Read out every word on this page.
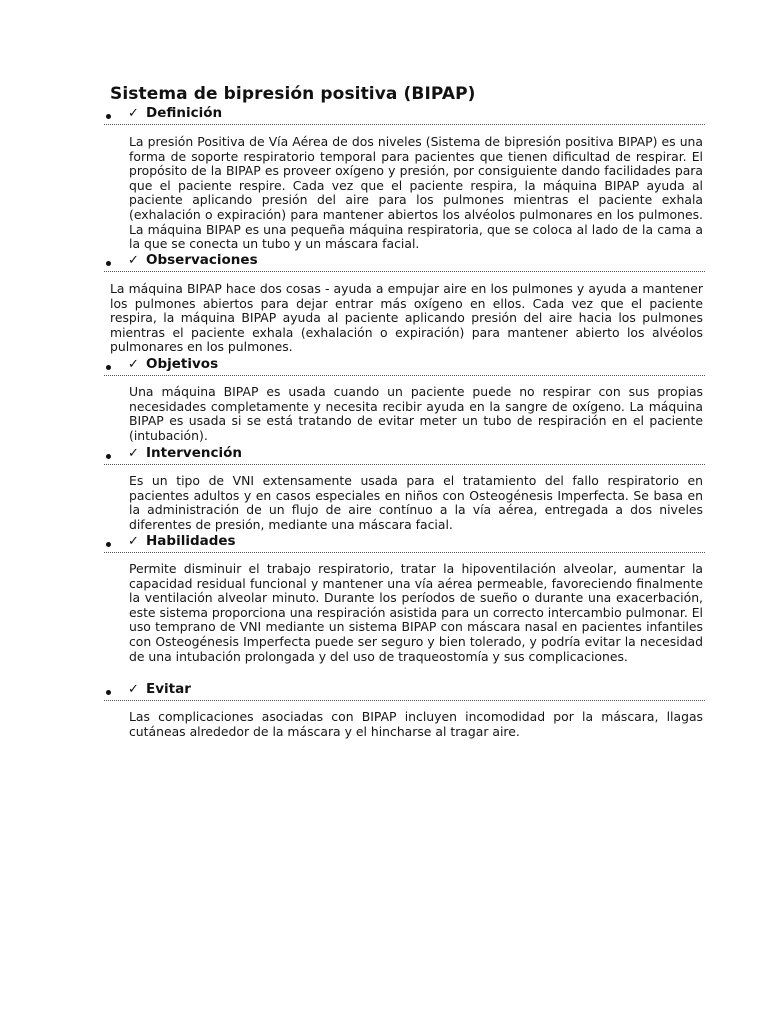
Sistema de bipresión positiva (BIPAP)
✓ Definición

La presión Positiva de Vía Aérea de dos niveles (Sistema de bipresión positiva BIPAP) es una forma de soporte respiratorio temporal para pacientes que tienen dificultad de respirar. El propósito de la BIPAP es proveer oxígeno y presión, por consiguiente dando facilidades para que el paciente respire. Cada vez que el paciente respira, la máquina BIPAP ayuda al paciente aplicando presión del aire para los pulmones mientras el paciente exhala (exhalación o expiración) para mantener abiertos los alvéolos pulmonares en los pulmones. La máquina BIPAP es una pequeña máquina respiratoria, que se coloca al lado de la cama a la que se conecta un tubo y un máscara facial.

✓ Observaciones

La máquina BIPAP hace dos cosas - ayuda a empujar aire en los pulmones y ayuda a mantener los pulmones abiertos para dejar entrar más oxígeno en ellos. Cada vez que el paciente respira, la máquina BIPAP ayuda al paciente aplicando presión del aire hacia los pulmones mientras el paciente exhala (exhalación o expiración) para mantener abierto los alvéolos pulmonares en los pulmones.

✓ Objetivos

Una máquina BIPAP es usada cuando un paciente puede no respirar con sus propias necesidades completamente y necesita recibir ayuda en la sangre de oxígeno. La máquina BIPAP es usada si se está tratando de evitar meter un tubo de respiración en el paciente (intubación).

✓ Intervención

Es un tipo de VNI extensamente usada para el tratamiento del fallo respiratorio en pacientes adultos y en casos especiales en niños con Osteogénesis Imperfecta. Se basa en la administración de un flujo de aire contínuo a la vía aérea, entregada a dos niveles diferentes de presión, mediante una máscara facial.

✓ Habilidades

Permite disminuir el trabajo respiratorio, tratar la hipoventilación alveolar, aumentar la capacidad residual funcional y mantener una vía aérea permeable, favoreciendo finalmente la ventilación alveolar minuto. Durante los períodos de sueño o durante una exacerbación, este sistema proporciona una respiración asistida para un correcto intercambio pulmonar. El uso temprano de VNI mediante un sistema BIPAP con máscara nasal en pacientes infantiles con Osteogénesis Imperfecta puede ser seguro y bien tolerado, y podría evitar la necesidad de una intubación prolongada y del uso de traqueostomía y sus complicaciones.

✓ Evitar

Las complicaciones asociadas con BIPAP incluyen incomodidad por la máscara, llagas cutáneas alrededor de la máscara y el hincharse al tragar aire.
